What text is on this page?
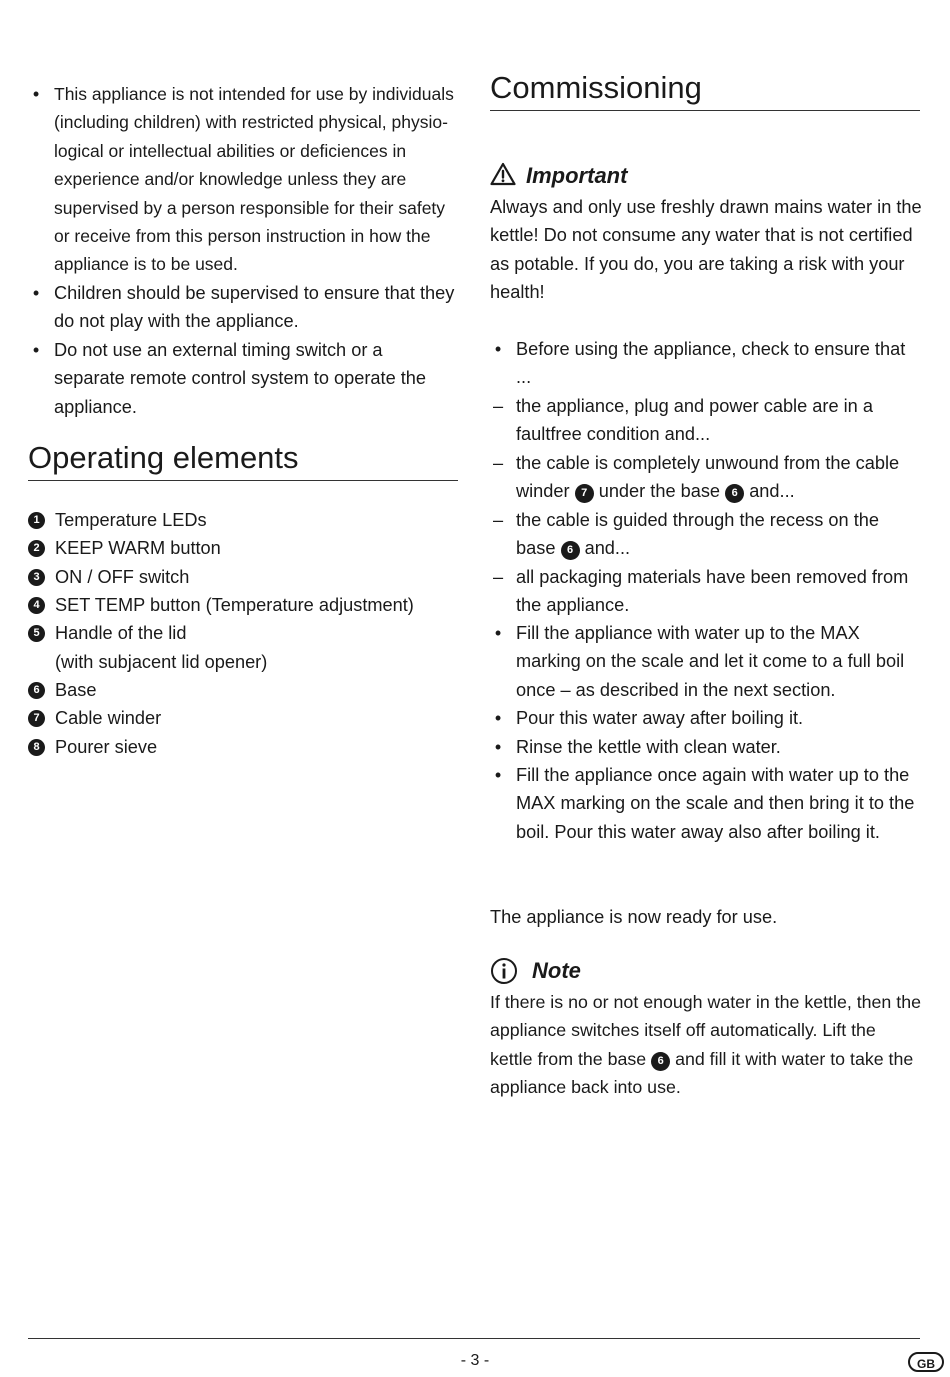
• This appliance is not intended for use by individuals (including children) with restricted physical, physio-logical or intellectual abilities or deficiences in experience and/or knowledge unless they are supervised by a person responsible for their safety or receive from this person instruction in how the appliance is to be used.
• Children should be supervised to ensure that they do not play with the appliance.
• Do not use an external timing switch or a separate remote control system to operate the appliance.
Operating elements
1 Temperature LEDs
2 KEEP WARM button
3 ON / OFF switch
4 SET TEMP button (Temperature adjustment)
5 Handle of the lid
(with subjacent lid opener)
6 Base
7 Cable winder
8 Pourer sieve
Commissioning
Important
Always and only use freshly drawn mains water in the kettle! Do not consume any water that is not certified as potable. If you do, you are taking a risk with your health!
• Before using the appliance, check to ensure that ...
– the appliance, plug and power cable are in a faultfree condition and...
– the cable is completely unwound from the cable winder 7 under the base 6 and...
– the cable is guided through the recess on the base 6 and...
– all packaging materials have been removed from the appliance.
• Fill the appliance with water up to the MAX marking on the scale and let it come to a full boil once – as described in the next section.
• Pour this water away after boiling it.
• Rinse the kettle with clean water.
• Fill the appliance once again with water up to the MAX marking on the scale and then bring it to the boil. Pour this water away also after boiling it.
The appliance is now ready for use.
Note
If there is no or not enough water in the kettle, then the appliance switches itself off automatically. Lift the kettle from the base 6 and fill it with water to take the appliance back into use.
- 3 -	GB
